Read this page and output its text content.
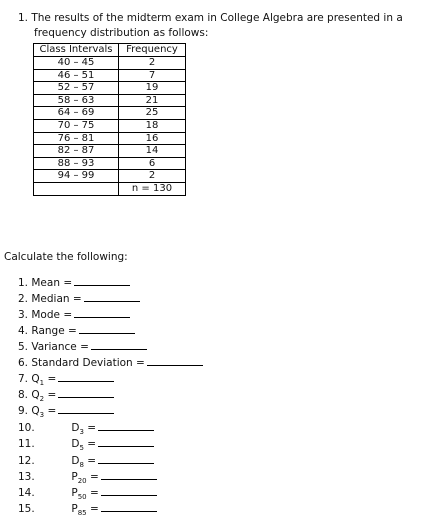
1. The results of the midterm exam in College Algebra are presented in a
frequency distribution as follows:
Class Intervals	Frequency
40 – 45	2
46 – 51	7
52 – 57	19
58 – 63	21
64 – 69	25
70 – 75	18
76 – 81	16
82 – 87	14
88 – 93	6
94 – 99	2
	n = 130
Calculate the following:
1. Mean =
2. Median =
3. Mode =
4. Range =
5. Variance =
6. Standard Deviation =
7. $Q_1$ =
8. $Q_2$ =
9. $Q_3$ =
10.	$D_3$ =
11.	$D_5$ =
12.	$D_8$ =
13.	$P_{20}$ =
14.	$P_{50}$ =
15.	$P_{85}$ =
